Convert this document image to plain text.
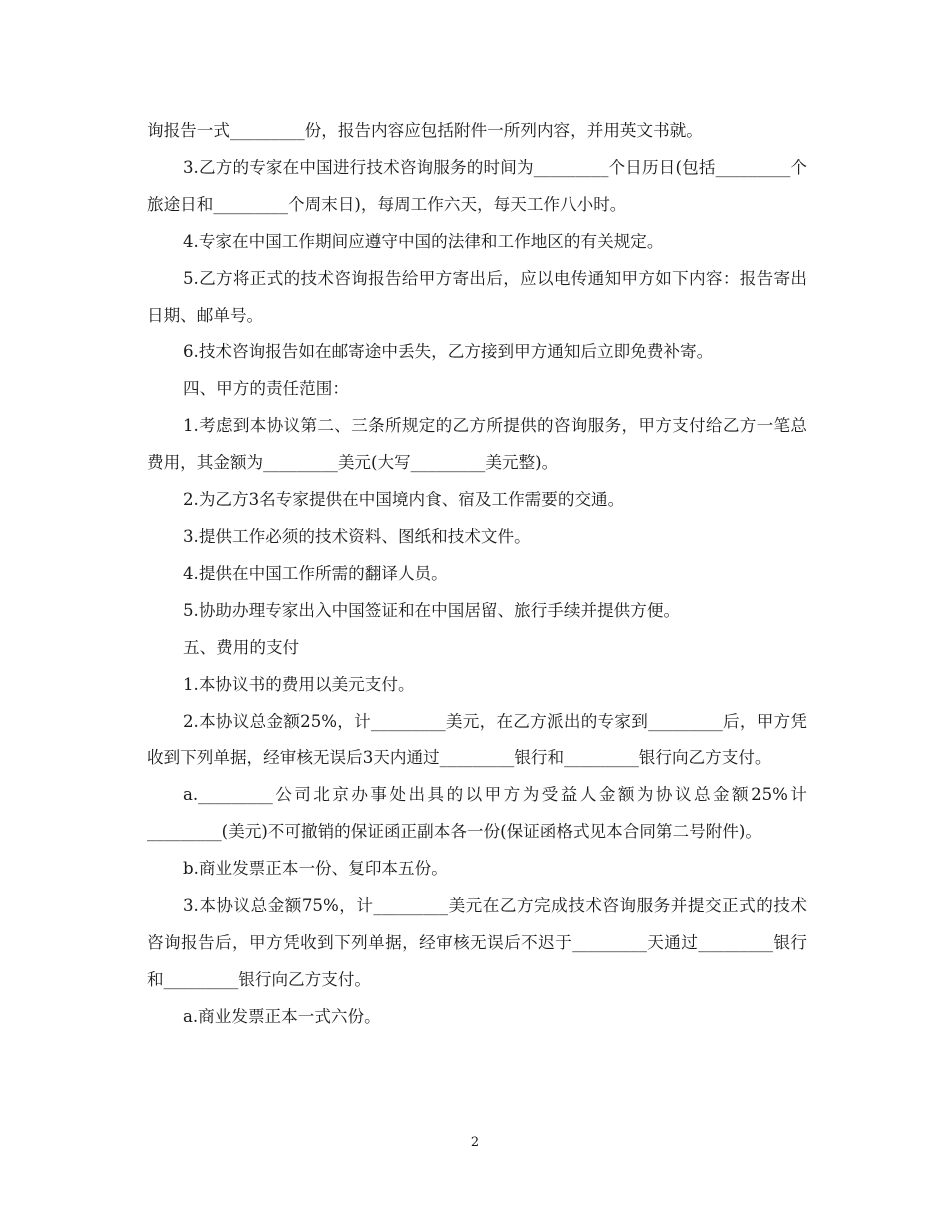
询报告一式_________份，报告内容应包括附件一所列内容，并用英文书就。

3.乙方的专家在中国进行技术咨询服务的时间为_________个日历日(包括_________个旅途日和_________个周末日)，每周工作六天，每天工作八小时。

4.专家在中国工作期间应遵守中国的法律和工作地区的有关规定。

5.乙方将正式的技术咨询报告给甲方寄出后，应以电传通知甲方如下内容：报告寄出日期、邮单号。

6.技术咨询报告如在邮寄途中丢失，乙方接到甲方通知后立即免费补寄。

四、甲方的责任范围：

1.考虑到本协议第二、三条所规定的乙方所提供的咨询服务，甲方支付给乙方一笔总费用，其金额为_________美元(大写_________美元整)。

2.为乙方3名专家提供在中国境内食、宿及工作需要的交通。

3.提供工作必须的技术资料、图纸和技术文件。

4.提供在中国工作所需的翻译人员。

5.协助办理专家出入中国签证和在中国居留、旅行手续并提供方便。

五、费用的支付

1.本协议书的费用以美元支付。

2.本协议总金额25%，计_________美元，在乙方派出的专家到_________后，甲方凭收到下列单据，经审核无误后3天内通过_________银行和_________银行向乙方支付。

a._________公司北京办事处出具的以甲方为受益人金额为协议总金额25%计_________(美元)不可撤销的保证函正副本各一份(保证函格式见本合同第二号附件)。

b.商业发票正本一份、复印本五份。

3.本协议总金额75%，计_________美元在乙方完成技术咨询服务并提交正式的技术咨询报告后，甲方凭收到下列单据，经审核无误后不迟于_________天通过_________银行和_________银行向乙方支付。

a.商业发票正本一式六份。

2
